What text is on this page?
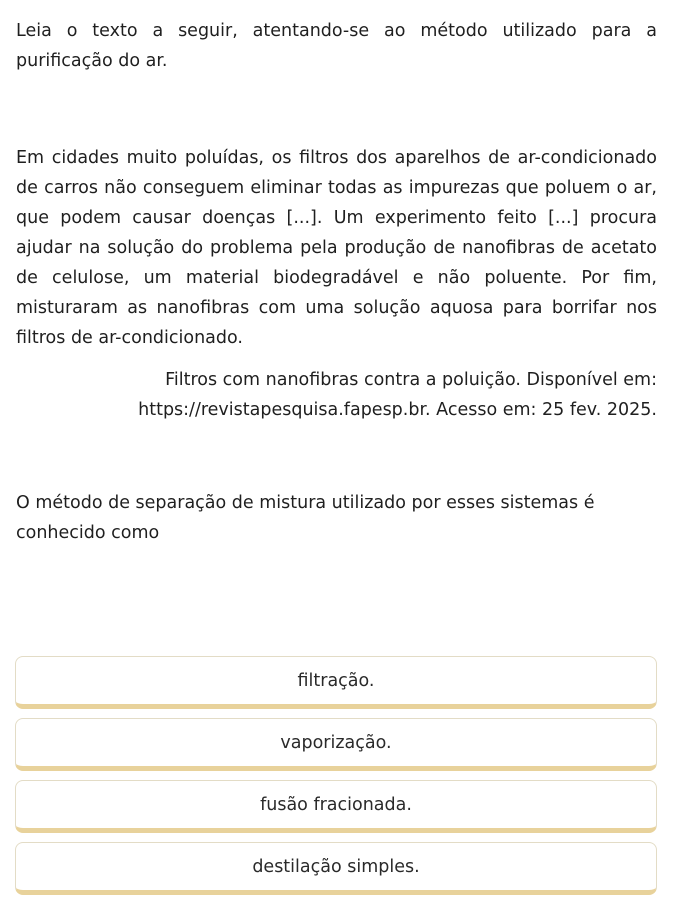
Leia o texto a seguir, atentando-se ao método utilizado para a purificação do ar.

Em cidades muito poluídas, os filtros dos aparelhos de ar-condicionado de carros não conseguem eliminar todas as impurezas que poluem o ar, que podem causar doenças [...]. Um experimento feito [...] procura ajudar na solução do problema pela produção de nanofibras de acetato de celulose, um material biodegradável e não poluente. Por fim, misturaram as nanofibras com uma solução aquosa para borrifar nos filtros de ar-condicionado.

Filtros com nanofibras contra a poluição. Disponível em:
https://revistapesquisa.fapesp.br. Acesso em: 25 fev. 2025.

O método de separação de mistura utilizado por esses sistemas é conhecido como

filtração.
vaporização.
fusão fracionada.
destilação simples.
